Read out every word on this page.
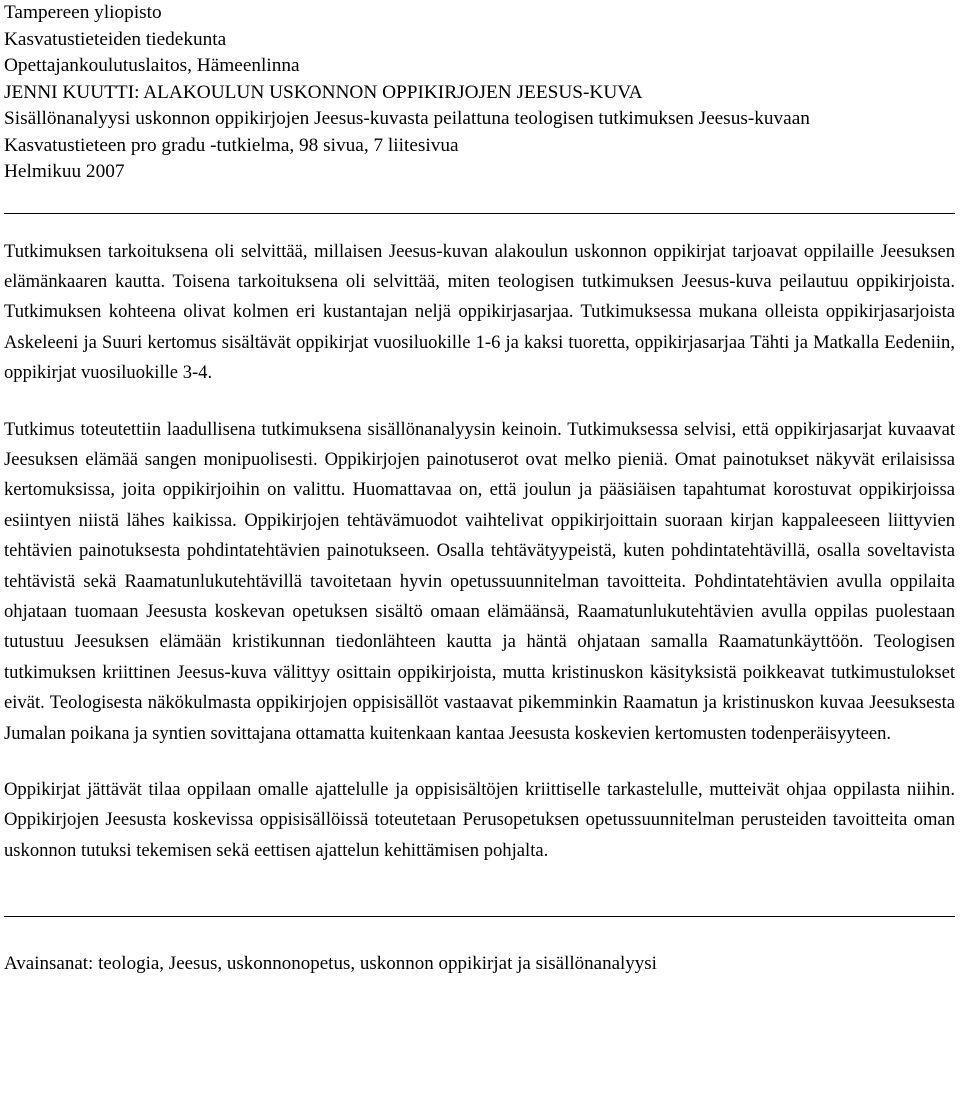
Tampereen yliopisto
Kasvatustieteiden tiedekunta
Opettajankoulutuslaitos, Hämeenlinna
JENNI KUUTTI: ALAKOULUN USKONNON OPPIKIRJOJEN JEESUS-KUVA
Sisällönanalyysi uskonnon oppikirjojen Jeesus-kuvasta peilattuna teologisen tutkimuksen Jeesus-kuvaan
Kasvatustieteen pro gradu -tutkielma, 98 sivua, 7 liitesivua
Helmikuu 2007

Tutkimuksen tarkoituksena oli selvittää, millaisen Jeesus-kuvan alakoulun uskonnon oppikirjat tarjoavat oppilaille Jeesuksen elämänkaaren kautta. Toisena tarkoituksena oli selvittää, miten teologisen tutkimuksen Jeesus-kuva peilautuu oppikirjoista. Tutkimuksen kohteena olivat kolmen eri kustantajan neljä oppikirjasarjaa. Tutkimuksessa mukana olleista oppikirjasarjoista Askeleeni ja Suuri kertomus sisältävät oppikirjat vuosiluokille 1-6 ja kaksi tuoretta, oppikirjasarjaa Tähti ja Matkalla Eedeniin, oppikirjat vuosiluokille 3-4.

Tutkimus toteutettiin laadullisena tutkimuksena sisällönanalyysin keinoin. Tutkimuksessa selvisi, että oppikirjasarjat kuvaavat Jeesuksen elämää sangen monipuolisesti. Oppikirjojen painotuserot ovat melko pieniä. Omat painotukset näkyvät erilaisissa kertomuksissa, joita oppikirjoihin on valittu. Huomattavaa on, että joulun ja pääsiäisen tapahtumat korostuvat oppikirjoissa esiintyen niistä lähes kaikissa. Oppikirjojen tehtävämuodot vaihtelivat oppikirjoittain suoraan kirjan kappaleeseen liittyvien tehtävien painotuksesta pohdintatehtävien painotukseen. Osalla tehtävätyypeistä, kuten pohdintatehtävillä, osalla soveltavista tehtävistä sekä Raamatunlukutehtävillä tavoitetaan hyvin opetussuunnitelman tavoitteita. Pohdintatehtävien avulla oppilaita ohjataan tuomaan Jeesusta koskevan opetuksen sisältö omaan elämäänsä, Raamatunlukutehtävien avulla oppilas puolestaan tutustuu Jeesuksen elämään kristikunnan tiedonlähteen kautta ja häntä ohjataan samalla Raamatunkäyttöön. Teologisen tutkimuksen kriittinen Jeesus-kuva välittyy osittain oppikirjoista, mutta kristinuskon käsityksistä poikkeavat tutkimustulokset eivät. Teologisesta näkökulmasta oppikirjojen oppisisällöt vastaavat pikemminkin Raamatun ja kristinuskon kuvaa Jeesuksesta Jumalan poikana ja syntien sovittajana ottamatta kuitenkaan kantaa Jeesusta koskevien kertomusten todenperäisyyteen.

Oppikirjat jättävät tilaa oppilaan omalle ajattelulle ja oppisisältöjen kriittiselle tarkastelulle, mutteivät ohjaa oppilasta niihin. Oppikirjojen Jeesusta koskevissa oppisisällöissä toteutetaan Perusopetuksen opetussuunnitelman perusteiden tavoitteita oman uskonnon tutuksi tekemisen sekä eettisen ajattelun kehittämisen pohjalta.

Avainsanat: teologia, Jeesus, uskonnonopetus, uskonnon oppikirjat ja sisällönanalyysi
